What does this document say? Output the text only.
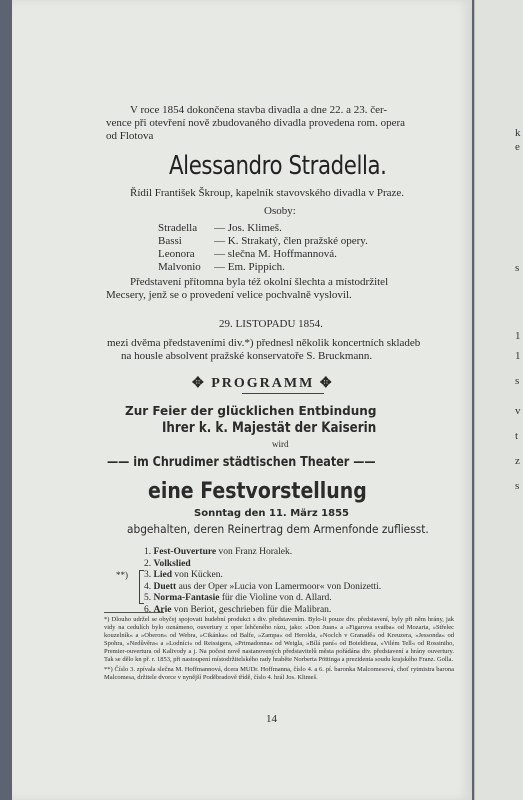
V roce 1854 dokončena stavba divadla a dne 22. a 23. čer-
vence při otevření nově zbudovaného divadla provedena rom. opera
od Flotova
Alessandro Stradella.
Řídil František Škroup, kapelník stavovského divadla v Praze.
Osoby:
Stradella — Jos. Klimeš.
Bassi	— K. Strakatý, člen pražské opery.
Leonora — slečna M. Hoffmannová.
Malvonio — Em. Pippich.
Představení přítomna byla též okolní šlechta a místodržitel
Mecsery, jenž se o provedení velice pochvalně vyslovil.
29. LISTOPADU 1854.
mezi dvěma představeními div.*) přednesl několik koncertních skladeb
na housle absolvent pražské konservatoře S. Bruckmann.
✥ PROGRAMM ✥
Zur Feier der glücklichen Entbindung
Ihrer k. k. Majestät der Kaiserin
wird
—— im Chrudimer städtischen Theater ——
eine Festvorstellung
Sonntag den 11. März 1855
abgehalten, deren Reinertrag dem Armenfonde zufliesst.
1. Fest-Ouverture von Franz Horalek.
2. Volkslied
3. Lied von Kücken.
4. Duett aus der Oper »Lucia von Lamermoor« von Donizetti.
5. Norma-Fantasie für die Violine von d. Allard.
6. Arie von Beriot, geschrieben für die Malibran.
**)
*) Dlouho udržel se obyčej spojovati hudební produkci s div. představením. Bylo-li pouze div. představení, byly při něm hrány, jak vidy na cedulích bylo oznámeno, ouvertury z oper lehčeného rázu, jako: »Don Juan« a »Figarova svatba« od Mozarta, »Střelec kouzelník« a »Oberon« od Webra, »Cikánka« od Balfe, »Zampa« od Herolda, »Noclch v Granadě« od Kreuzera, »Jessonda« od Spohra, »Nedůvěra« a »Lodníci« od Reissigera, »Primadonna« od Weigla, »Bílá paní« od Boieldieua, »Vilém Tell« od Rossiniho, Premier-ouvertura od Kalivody a j. Na počest nově nastanovených představitelů města pořádána div. představení a hrány ouvertury. Tak se dělo kn př. r. 1853, při nastoupení místodržitelského rady hraběte Norberta Pöttinga a prezidenta soudu krajského Franz. Golla.
**) Číslo 3. zpívala slečna M. Hoffmannová, dcera MUDr. Hoffmanna, číslo 4. a 6. pí. baronka Malcomesová, choť rytmistra barona Malcomesa, držitele dvorce v nynější Poděbradově třídě, číslo 4. hrál Jos. Klimeš.
14
k
e
s
1
1
s
v
t
z
s
